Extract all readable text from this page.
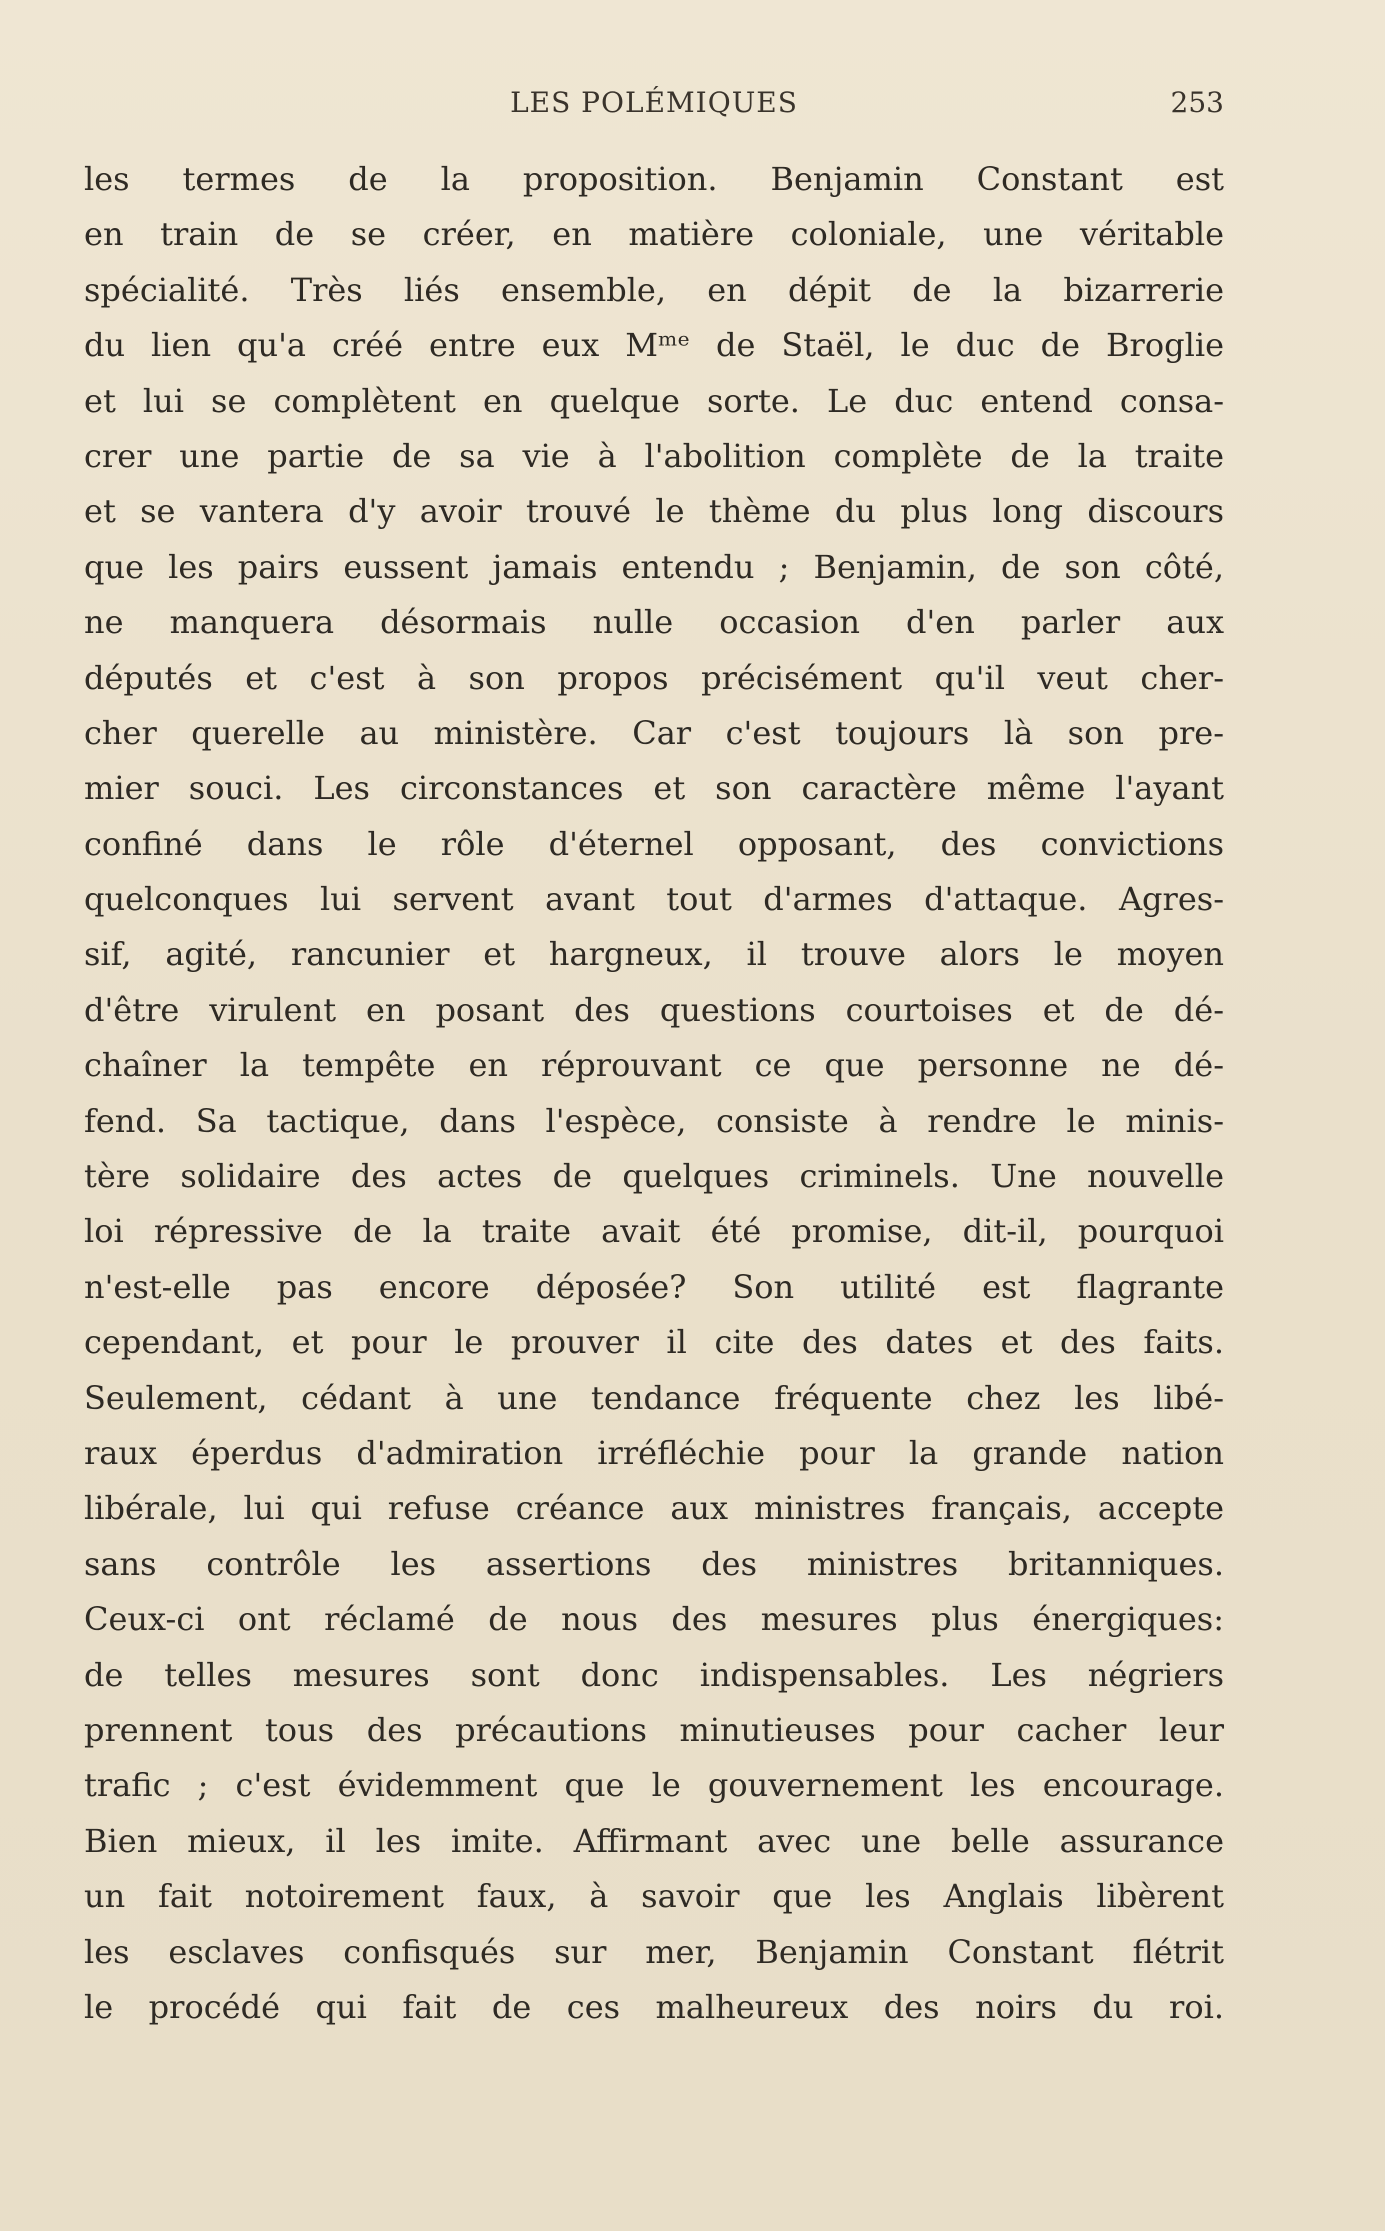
LES POLÉMIQUES	253
les termes de la proposition. Benjamin Constant est
en train de se créer, en matière coloniale, une véritable
spécialité. Très liés ensemble, en dépit de la bizarrerie
du lien qu'a créé entre eux Mᵐᵉ de Staël, le duc de Broglie
et lui se complètent en quelque sorte. Le duc entend consa-
crer une partie de sa vie à l'abolition complète de la traite
et se vantera d'y avoir trouvé le thème du plus long discours
que les pairs eussent jamais entendu ; Benjamin, de son côté,
ne manquera désormais nulle occasion d'en parler aux
députés et c'est à son propos précisément qu'il veut cher-
cher querelle au ministère. Car c'est toujours là son pre-
mier souci. Les circonstances et son caractère même l'ayant
confiné dans le rôle d'éternel opposant, des convictions
quelconques lui servent avant tout d'armes d'attaque. Agres-
sif, agité, rancunier et hargneux, il trouve alors le moyen
d'être virulent en posant des questions courtoises et de dé-
chaîner la tempête en réprouvant ce que personne ne dé-
fend. Sa tactique, dans l'espèce, consiste à rendre le minis-
tère solidaire des actes de quelques criminels. Une nouvelle
loi répressive de la traite avait été promise, dit-il, pourquoi
n'est-elle pas encore déposée? Son utilité est flagrante
cependant, et pour le prouver il cite des dates et des faits.
Seulement, cédant à une tendance fréquente chez les libé-
raux éperdus d'admiration irréfléchie pour la grande nation
libérale, lui qui refuse créance aux ministres français, accepte
sans contrôle les assertions des ministres britanniques.
Ceux-ci ont réclamé de nous des mesures plus énergiques:
de telles mesures sont donc indispensables. Les négriers
prennent tous des précautions minutieuses pour cacher leur
trafic ; c'est évidemment que le gouvernement les encourage.
Bien mieux, il les imite. Affirmant avec une belle assurance
un fait notoirement faux, à savoir que les Anglais libèrent
les esclaves confisqués sur mer, Benjamin Constant flétrit
le procédé qui fait de ces malheureux des noirs du roi.
